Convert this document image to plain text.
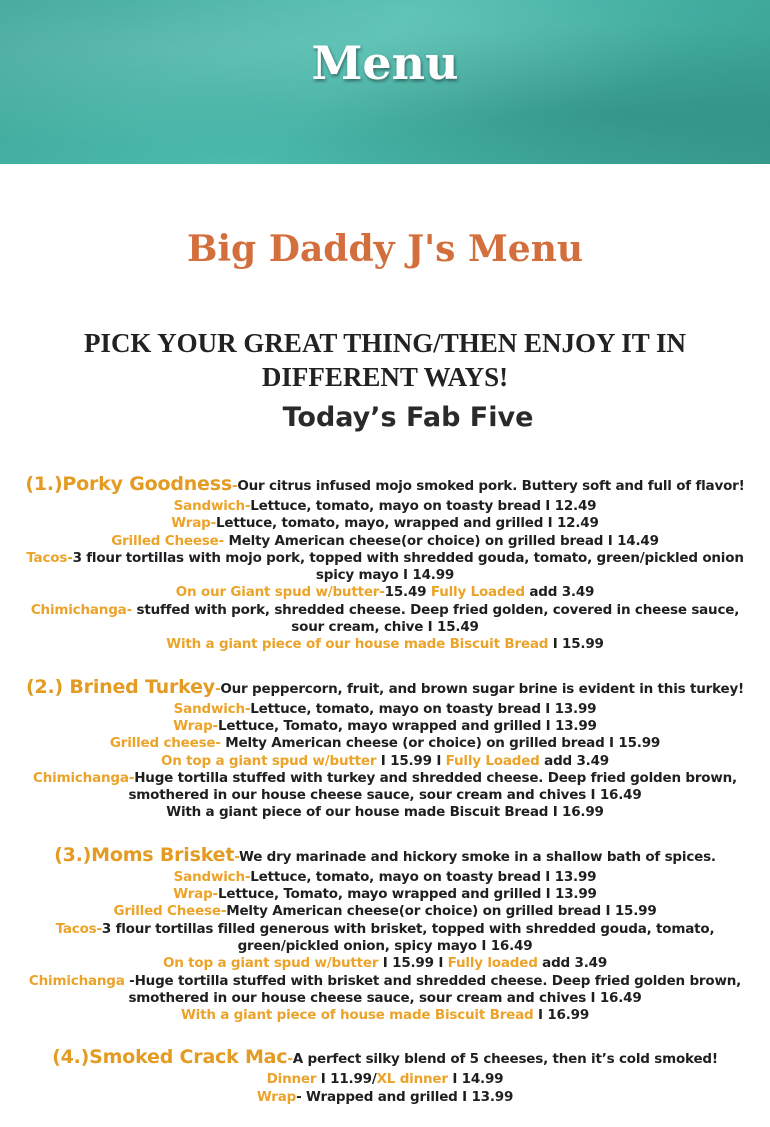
Menu
Big Daddy J's Menu
PICK YOUR GREAT THING/THEN ENJOY IT IN DIFFERENT WAYS!
Today’s Fab Five
(1.)Porky Goodness-Our citrus infused mojo smoked pork. Buttery soft and full of flavor!
Sandwich-Lettuce, tomato, mayo on toasty bread I 12.49
Wrap-Lettuce, tomato, mayo, wrapped and grilled I 12.49
Grilled Cheese- Melty American cheese(or choice) on grilled bread I 14.49
Tacos-3 flour tortillas with mojo pork, topped with shredded gouda, tomato, green/pickled onion spicy mayo I 14.99
On our Giant spud w/butter-15.49 Fully Loaded add 3.49
Chimichanga- stuffed with pork, shredded cheese. Deep fried golden, covered in cheese sauce, sour cream, chive I 15.49
With a giant piece of our house made Biscuit Bread I 15.99
(2.) Brined Turkey-Our peppercorn, fruit, and brown sugar brine is evident in this turkey!
Sandwich-Lettuce, tomato, mayo on toasty bread I 13.99
Wrap-Lettuce, Tomato, mayo wrapped and grilled I 13.99
Grilled cheese- Melty American cheese (or choice) on grilled bread I 15.99
On top a giant spud w/butter I 15.99 I Fully Loaded add 3.49
Chimichanga-Huge tortilla stuffed with turkey and shredded cheese. Deep fried golden brown, smothered in our house cheese sauce, sour cream and chives I 16.49
With a giant piece of our house made Biscuit Bread I 16.99
(3.)Moms Brisket-We dry marinade and hickory smoke in a shallow bath of spices.
Sandwich-Lettuce, tomato, mayo on toasty bread I 13.99
Wrap-Lettuce, Tomato, mayo wrapped and grilled I 13.99
Grilled Cheese-Melty American cheese(or choice) on grilled bread I 15.99
Tacos-3 flour tortillas filled generous with brisket, topped with shredded gouda, tomato, green/pickled onion, spicy mayo I 16.49
On top a giant spud w/butter I 15.99 I Fully loaded add 3.49
Chimichanga -Huge tortilla stuffed with brisket and shredded cheese. Deep fried golden brown, smothered in our house cheese sauce, sour cream and chives I 16.49
With a giant piece of house made Biscuit Bread I 16.99
(4.)Smoked Crack Mac-A perfect silky blend of 5 cheeses, then it’s cold smoked!
Dinner I 11.99/XL dinner I 14.99
Wrap- Wrapped and grilled I 13.99
